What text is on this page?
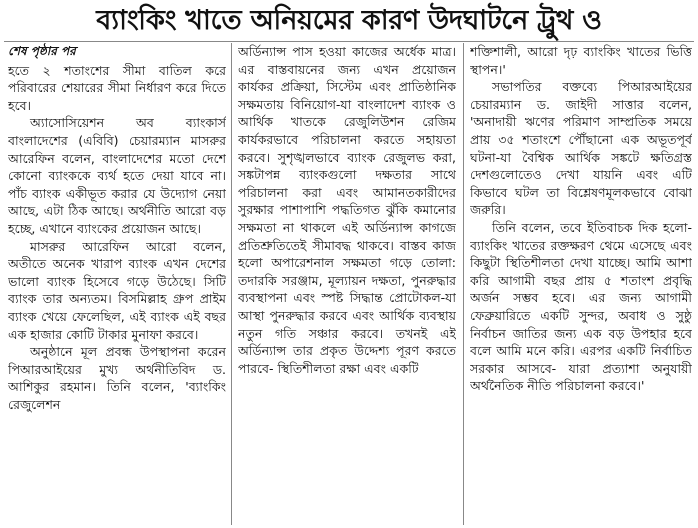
ব্যাংকিং খাতে অনিয়মের কারণ উদঘাটনে ট্রুথ ও
শেষ পৃষ্ঠার পর

হতে ২ শতাংশের সীমা বাতিল করে পরিবারের শেয়ারের সীমা নির্ধারণ করে দিতে হবে।

অ্যাসোসিয়েশন অব ব্যাংকার্স বাংলাদেশের (এবিবি) চেয়ারম্যান মাসরুর আরেফিন বলেন, বাংলাদেশের মতো দেশে কোনো ব্যাংককে ব্যর্থ হতে দেয়া যাবে না। পাঁচ ব্যাংক একীভূত করার যে উদ্যোগ নেয়া আছে, এটা ঠিক আছে। অর্থনীতি আরো বড় হচ্ছে, এখানে ব্যাংকের প্রয়োজন আছে।

মাসরুর আরেফিন আরো বলেন, অতীতে অনেক খারাপ ব্যাংক এখন দেশের ভালো ব্যাংক হিসেবে গড়ে উঠেছে। সিটি ব্যাংক তার অন্যতম। বিসমিল্লাহ গ্রুপ প্রাইম ব্যাংক খেয়ে ফেলেছিল, এই ব্যাংক এই বছর এক হাজার কোটি টাকার মুনাফা করবে।

অনুষ্ঠানে মূল প্রবন্ধ উপস্থাপনা করেন পিআরআইয়ের মুখ্য অর্থনীতিবিদ ড. আশিকুর রহমান। তিনি বলেন, 'ব্যাংকিং রেজুলেশন

অর্ডিন্যান্স পাস হওয়া কাজের অর্ধেক মাত্র। এর বাস্তবায়নের জন্য এখন প্রয়োজন কার্যকর প্রক্রিয়া, সিস্টেম এবং প্রাতিষ্ঠানিক সক্ষমতায় বিনিয়োগ-যা বাংলাদেশ ব্যাংক ও আর্থিক খাতকে রেজুলিউশন রেজিম কার্যকরভাবে পরিচালনা করতে সহায়তা করবে। সুশৃঙ্খলভাবে ব্যাংক রেজুলভ করা, সঙ্কটাপন্ন ব্যাংকগুলো দক্ষতার সাথে পরিচালনা করা এবং আমানতকারীদের সুরক্ষার পাশাপাশি পদ্ধতিগত ঝুঁকি কমানোর সক্ষমতা না থাকলে এই অর্ডিন্যান্স কাগজে প্রতিশ্রুতিতেই সীমাবদ্ধ থাকবে। বাস্তব কাজ হলো অপারেশনাল সক্ষমতা গড়ে তোলা: তদারকি সরঞ্জাম, মূল্যায়ন দক্ষতা, পুনরুদ্ধার ব্যবস্থাপনা এবং স্পষ্ট সিদ্ধান্ত প্রোটোকল-যা আস্থা পুনরুদ্ধার করবে এবং আর্থিক ব্যবস্থায় নতুন গতি সঞ্চার করবে। তখনই এই অর্ডিন্যান্স তার প্রকৃত উদ্দেশ্য পূরণ করতে পারবে- স্থিতিশীলতা রক্ষা এবং একটি

শক্তিশালী, আরো দৃঢ় ব্যাংকিং খাতের ভিত্তি স্থাপন।'

সভাপতির বক্তব্যে পিআরআইয়ের চেয়ারম্যান ড. জাইদী সাত্তার বলেন, 'অনাদায়ী ঋণের পরিমাণ সাম্প্রতিক সময়ে প্রায় ৩৫ শতাংশে পৌঁছানো এক অভূতপূর্ব ঘটনা-যা বৈশ্বিক আর্থিক সঙ্কটে ক্ষতিগ্রস্ত দেশগুলোতেও দেখা যায়নি এবং এটি কিভাবে ঘটল তা বিশ্লেষণমূলকভাবে বোঝা জরুরি।

তিনি বলেন, তবে ইতিবাচক দিক হলো-ব্যাংকিং খাতের রক্তক্ষরণ থেমে এসেছে এবং কিছুটা স্থিতিশীলতা দেখা যাচ্ছে। আমি আশা করি আগামী বছর প্রায় ৫ শতাংশ প্রবৃদ্ধি অর্জন সম্ভব হবে। এর জন্য আগামী ফেব্রুয়ারিতে একটি সুন্দর, অবাধ ও সুষ্ঠু নির্বাচন জাতির জন্য এক বড় উপহার হবে বলে আমি মনে করি। এরপর একটি নির্বাচিত সরকার আসবে- যারা প্রত্যাশা অনুযায়ী অর্থনৈতিক নীতি পরিচালনা করবে।'
